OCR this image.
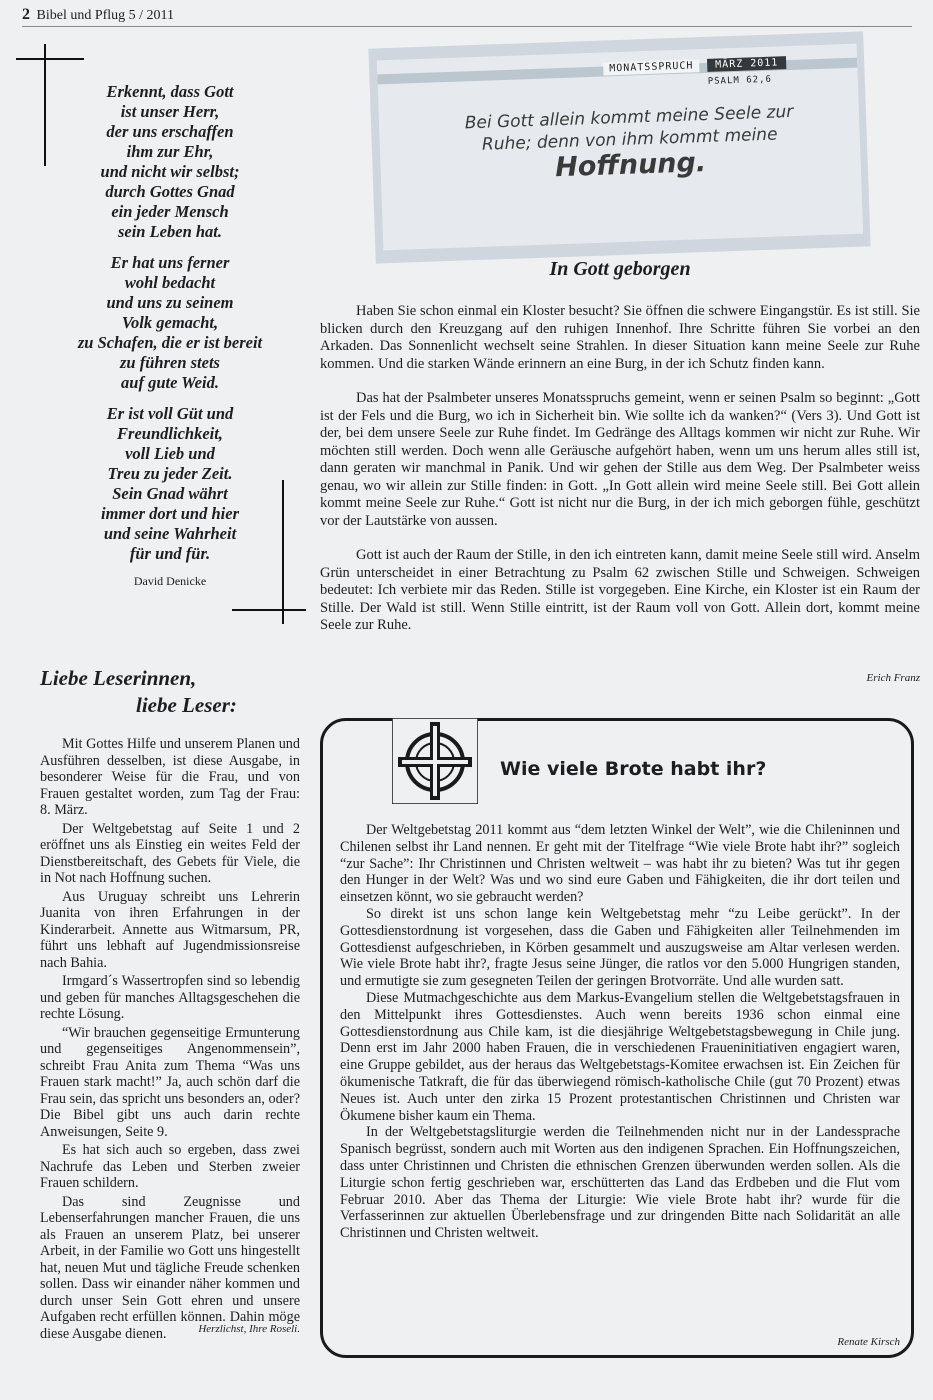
2 Bibel und Pflug 5 / 2011

Erkennt, dass Gott
ist unser Herr,
der uns erschaffen
ihm zur Ehr,
und nicht wir selbst;
durch Gottes Gnad
ein jeder Mensch
sein Leben hat.

Er hat uns ferner
wohl bedacht
und uns zu seinem
Volk gemacht,
zu Schafen, die er ist bereit
zu führen stets
auf gute Weid.

Er ist voll Güt und
Freundlichkeit,
voll Lieb und
Treu zu jeder Zeit.
Sein Gnad währt
immer dort und hier
und seine Wahrheit
für und für.

David Denicke
MONATSSPRUCH	MÄRZ 2011
PSALM 62,6
Bei Gott allein kommt meine Seele zur Ruhe; denn von ihm kommt meine
Hoffnung.
In Gott geborgen

Haben Sie schon einmal ein Kloster besucht? Sie öffnen die schwere Eingangstür. Es ist still. Sie blicken durch den Kreuzgang auf den ruhigen Innenhof. Ihre Schritte führen Sie vorbei an den Arkaden. Das Sonnenlicht wechselt seine Strahlen. In dieser Situation kann meine Seele zur Ruhe kommen. Und die starken Wände erinnern an eine Burg, in der ich Schutz finden kann.

Das hat der Psalmbeter unseres Monatsspruchs gemeint, wenn er seinen Psalm so beginnt: „Gott ist der Fels und die Burg, wo ich in Sicherheit bin. Wie sollte ich da wanken?“ (Vers 3). Und Gott ist der, bei dem unsere Seele zur Ruhe findet. Im Gedränge des Alltags kommen wir nicht zur Ruhe. Wir möchten still werden. Doch wenn alle Geräusche aufgehört haben, wenn um uns herum alles still ist, dann geraten wir manchmal in Panik. Und wir gehen der Stille aus dem Weg. Der Psalmbeter weiss genau, wo wir allein zur Stille finden: in Gott. „In Gott allein wird meine Seele still. Bei Gott allein kommt meine Seele zur Ruhe.“ Gott ist nicht nur die Burg, in der ich mich geborgen fühle, geschützt vor der Lautstärke von aussen.

Gott ist auch der Raum der Stille, in den ich eintreten kann, damit meine Seele still wird. Anselm Grün unterscheidet in einer Betrachtung zu Psalm 62 zwischen Stille und Schweigen. Schweigen bedeutet: Ich verbiete mir das Reden. Stille ist vorgegeben. Eine Kirche, ein Kloster ist ein Raum der Stille. Der Wald ist still. Wenn Stille eintritt, ist der Raum voll von Gott. Allein dort, kommt meine Seele zur Ruhe.

Erich Franz
Liebe Leserinnen,
liebe Leser:

Mit Gottes Hilfe und unserem Planen und Ausführen desselben, ist diese Ausgabe, in besonderer Weise für die Frau, und von Frauen gestaltet worden, zum Tag der Frau: 8. März.

Der Weltgebetstag auf Seite 1 und 2 eröffnet uns als Einstieg ein weites Feld der Dienstbereitschaft, des Gebets für Viele, die in Not nach Hoffnung suchen.

Aus Uruguay schreibt uns Lehrerin Juanita von ihren Erfahrungen in der Kinderarbeit. Annette aus Witmarsum, PR, führt uns lebhaft auf Jugendmissionsreise nach Bahia.

Irmgard´s Wassertropfen sind so lebendig und geben für manches Alltagsgeschehen die rechte Lösung.

“Wir brauchen gegenseitige Ermunterung und gegenseitiges Angenommensein”, schreibt Frau Anita zum Thema “Was uns Frauen stark macht!” Ja, auch schön darf die Frau sein, das spricht uns besonders an, oder? Die Bibel gibt uns auch darin rechte Anweisungen, Seite 9.

Es hat sich auch so ergeben, dass zwei Nachrufe das Leben und Sterben zweier Frauen schildern.

Das sind Zeugnisse und Lebenserfahrungen mancher Frauen, die uns als Frauen an unserem Platz, bei unserer Arbeit, in der Familie wo Gott uns hingestellt hat, neuen Mut und tägliche Freude schenken sollen. Dass wir einander näher kommen und durch unser Sein Gott ehren und unsere Aufgaben recht erfüllen können. Dahin möge diese Ausgabe dienen.	Herzlichst, Ihre Roseli.
Wie viele Brote habt ihr?

Der Weltgebetstag 2011 kommt aus “dem letzten Winkel der Welt”, wie die Chileninnen und Chilenen selbst ihr Land nennen. Er geht mit der Titelfrage “Wie viele Brote habt ihr?” sogleich “zur Sache”: Ihr Christinnen und Christen weltweit – was habt ihr zu bieten? Was tut ihr gegen den Hunger in der Welt? Was und wo sind eure Gaben und Fähigkeiten, die ihr dort teilen und einsetzen könnt, wo sie gebraucht werden?

So direkt ist uns schon lange kein Weltgebetstag mehr “zu Leibe gerückt”. In der Gottesdienstordnung ist vorgesehen, dass die Gaben und Fähigkeiten aller Teilnehmenden im Gottesdienst aufgeschrieben, in Körben gesammelt und auszugsweise am Altar verlesen werden. Wie viele Brote habt ihr?, fragte Jesus seine Jünger, die ratlos vor den 5.000 Hungrigen standen, und ermutigte sie zum gesegneten Teilen der geringen Brotvorräte. Und alle wurden satt.

Diese Mutmachgeschichte aus dem Markus-Evangelium stellen die Weltgebetstagsfrauen in den Mittelpunkt ihres Gottesdienstes. Auch wenn bereits 1936 schon einmal eine Gottesdienstordnung aus Chile kam, ist die diesjährige Weltgebetstagsbewegung in Chile jung. Denn erst im Jahr 2000 haben Frauen, die in verschiedenen Fraueninitiativen engagiert waren, eine Gruppe gebildet, aus der heraus das Weltgebetstags-Komitee erwachsen ist. Ein Zeichen für ökumenische Tatkraft, die für das überwiegend römisch-katholische Chile (gut 70 Prozent) etwas Neues ist. Auch unter den zirka 15 Prozent protestantischen Christinnen und Christen war Ökumene bisher kaum ein Thema.

In der Weltgebetstagsliturgie werden die Teilnehmenden nicht nur in der Landessprache Spanisch begrüsst, sondern auch mit Worten aus den indigenen Sprachen. Ein Hoffnungszeichen, dass unter Christinnen und Christen die ethnischen Grenzen überwunden werden sollen. Als die Liturgie schon fertig geschrieben war, erschütterten das Land das Erdbeben und die Flut vom Februar 2010. Aber das Thema der Liturgie: Wie viele Brote habt ihr? wurde für die Verfasserinnen zur aktuellen Überlebensfrage und zur dringenden Bitte nach Solidarität an alle Christinnen und Christen weltweit.

Renate Kirsch
